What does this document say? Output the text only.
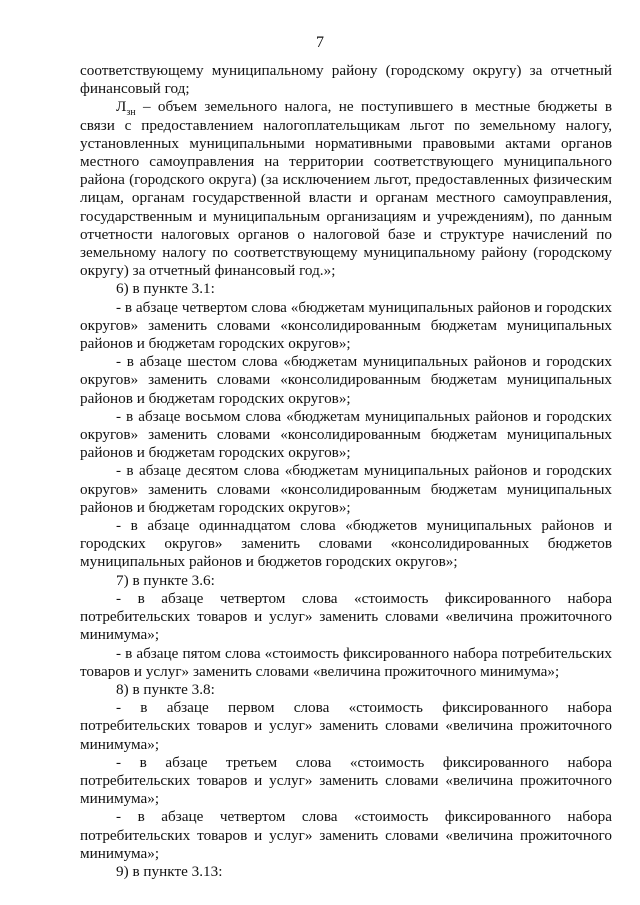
7

соответствующему муниципальному району (городскому округу) за отчетный финансовый год;

$Л_{зн}$ – объем земельного налога, не поступившего в местные бюджеты в связи с предоставлением налогоплательщикам льгот по земельному налогу, установленных муниципальными нормативными правовыми актами органов местного самоуправления на территории соответствующего муниципального района (городского округа) (за исключением льгот, предоставленных физическим лицам, органам государственной власти и органам местного самоуправления, государственным и муниципальным организациям и учреждениям), по данным отчетности налоговых органов о налоговой базе и структуре начислений по земельному налогу по соответствующему муниципальному району (городскому округу) за отчетный финансовый год.»;

6) в пункте 3.1:

- в абзаце четвертом слова «бюджетам муниципальных районов и городских округов» заменить словами «консолидированным бюджетам муниципальных районов и бюджетам городских округов»;

- в абзаце шестом слова «бюджетам муниципальных районов и городских округов» заменить словами «консолидированным бюджетам муниципальных районов и бюджетам городских округов»;

- в абзаце восьмом слова «бюджетам муниципальных районов и городских округов» заменить словами «консолидированным бюджетам муниципальных районов и бюджетам городских округов»;

- в абзаце десятом слова «бюджетам муниципальных районов и городских округов» заменить словами «консолидированным бюджетам муниципальных районов и бюджетам городских округов»;

- в абзаце одиннадцатом слова «бюджетов муниципальных районов и городских округов» заменить словами «консолидированных бюджетов муниципальных районов и бюджетов городских округов»;

7) в пункте 3.6:

- в абзаце четвертом слова «стоимость фиксированного набора потребительских товаров и услуг» заменить словами «величина прожиточного минимума»;

- в абзаце пятом слова «стоимость фиксированного набора потребительских товаров и услуг» заменить словами «величина прожиточного минимума»;

8) в пункте 3.8:

- в абзаце первом слова «стоимость фиксированного набора потребительских товаров и услуг» заменить словами «величина прожиточного минимума»;

- в абзаце третьем слова «стоимость фиксированного набора потребительских товаров и услуг» заменить словами «величина прожиточного минимума»;

- в абзаце четвертом слова «стоимость фиксированного набора потребительских товаров и услуг» заменить словами «величина прожиточного минимума»;

9) в пункте 3.13:
